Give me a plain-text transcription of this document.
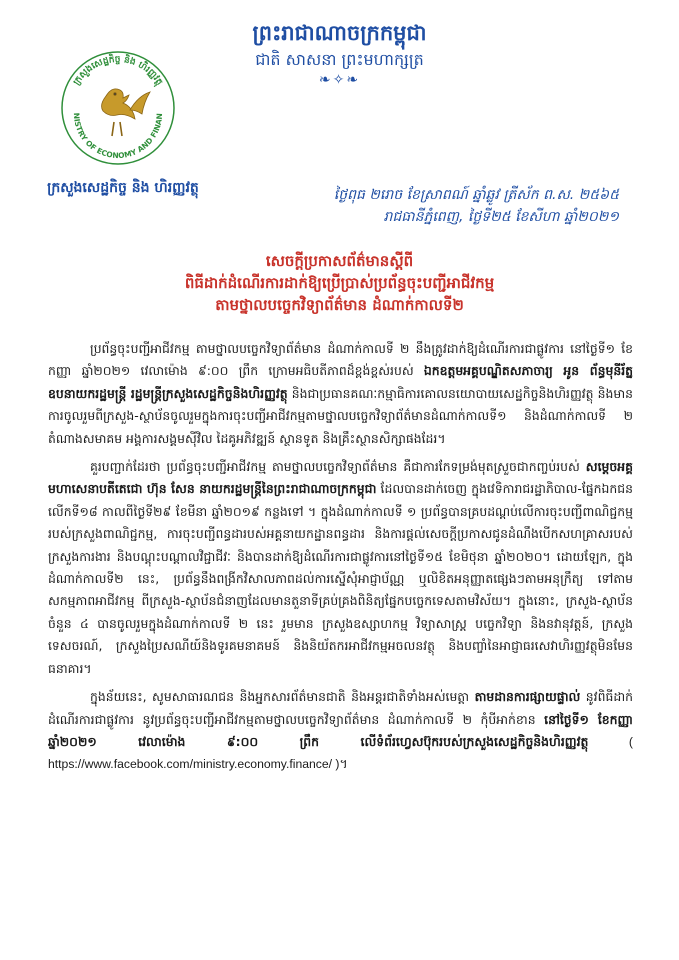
ព្រះរាជាណាចក្រកម្ពុជា
ជាតិ សាសនា ព្រះមហាក្សត្រ
❧✧❧
ក្រសួងសេដ្ឋកិច្ច និង ហិរញ្ញវត្ថុ
NISTRY OF ECONOMY AND FINAN
ក្រសួងសេដ្ឋកិច្ច និង ហិរញ្ញវត្ថុ	ថ្ងៃពុធ ២រោច ខែស្រាពណ៍ ឆ្នាំឆ្លូវ ត្រីស័ក ព.ស. ២៥៦៥
រាជធានីភ្នំពេញ, ថ្ងៃទី២៥ ខែសីហា ឆ្នាំ២០២១
សេចក្ដីប្រកាសព័ត៌មានស្តីពី
ពិធីដាក់ដំណើរការដាក់ឱ្យប្រើប្រាស់ប្រព័ន្ធចុះបញ្ជីអាជីវកម្ម
តាមថ្នាលបច្ចេកវិទ្យាព័ត៌មាន ដំណាក់កាលទី២

ប្រព័ន្ធចុះបញ្ជីអាជីវកម្ម តាមថ្នាលបច្ចេកវិទ្យាព័ត៌មាន ដំណាក់កាលទី ២ នឹងត្រូវដាក់ឱ្យដំណើរការជាផ្លូវការ នៅថ្ងៃទី១ ខែកញ្ញា ឆ្នាំ២០២១ វេលាម៉ោង ៩:០០ ព្រឹក ក្រោមអធិបតីភាពដ៏ខ្ពង់ខ្ពស់របស់ ឯកឧត្តមអគ្គបណ្ឌិតសភាចារ្យ អូន ព័ន្ធមុនីរ័ត្ន ឧបនាយករដ្ឋមន្ត្រី រដ្ឋមន្ត្រីក្រសួងសេដ្ឋកិច្ចនិងហិរញ្ញវត្ថុ និងជាប្រធានគណៈកម្មាធិការគោលនយោបាយសេដ្ឋកិច្ចនិងហិរញ្ញវត្ថុ និងមានការចូលរួមពីក្រសួង-ស្ថាប័នចូលរួមក្នុងការចុះបញ្ជីអាជីវកម្មតាមថ្នាលបច្ចេកវិទ្យាព័ត៌មានដំណាក់កាលទី១ និងដំណាក់កាលទី ២ តំណាងសមាគម អង្គការសង្គមស៊ីវិល ដៃគូអភិវឌ្ឍន៍ ស្ថានទូត និងគ្រឹះស្ថានសិក្សាផងដែរ។

គួរបញ្ជាក់ដែរថា ប្រព័ន្ធចុះបញ្ជីអាជីវកម្ម តាមថ្នាលបច្ចេកវិទ្យាព័ត៌មាន គឺជាការកែទម្រង់មុតស្រួចជាកញ្ចប់របស់ សម្តេចអគ្គមហាសេនាបតីតេជោ ហ៊ុន សែន នាយករដ្ឋមន្ត្រីនៃព្រះរាជាណាចក្រកម្ពុជា ដែលបានដាក់ចេញ ក្នុងវេទិការាជរដ្ឋាភិបាល-ផ្នែកឯកជន លើកទី១៨ កាលពីថ្ងៃទី២៩ ខែមីនា ឆ្នាំ២០១៩ កន្លងទៅ ។ ក្នុងដំណាក់កាលទី ១ ប្រព័ន្ធបានគ្របដណ្តប់លើការចុះបញ្ជីពាណិជ្ជកម្មរបស់ក្រសួងពាណិជ្ជកម្ម, ការចុះបញ្ជីពន្ធដារបស់អគ្គនាយកដ្ឋានពន្ធដារ និងការផ្តល់សេចក្តីប្រកាសជូនដំណឹងបើកសហគ្រាសរបស់ក្រសួងការងារ និងបណ្តុះបណ្តាលវិជ្ជាជីវៈ និងបានដាក់ឱ្យដំណើរការជាផ្លូវការនៅថ្ងៃទី១៥ ខែមិថុនា ឆ្នាំ២០២០។ ដោយឡែក, ក្នុងដំណាក់កាលទី២ នេះ, ប្រព័ន្ធនឹងពង្រីកវិសាលភាពដល់ការស្នើសុំអាជ្ញាប័ណ្ណ ឬលិខិតអនុញ្ញាតផ្សេងៗតាមអនុក្រឹត្យ ទៅតាមសកម្មភាពអាជីវកម្ម ពីក្រសួង-ស្ថាប័នជំនាញដែលមានតួនាទីគ្រប់គ្រងពិនិត្យផ្នែកបច្ចេកទេសតាមវិស័យ។ ក្នុងនោះ, ក្រសួង-ស្ថាប័នចំនួន ៤ បានចូលរួមក្នុងដំណាក់កាលទី ២ នេះ រួមមាន ក្រសួងឧស្សាហកម្ម វិទ្យាសាស្ត្រ បច្ចេកវិទ្យា និងនវានុវត្តន៍, ក្រសួងទេសចរណ៍, ក្រសួងប្រៃសណីយ៍និងទូរគមនាគមន៍ និងនិយ័តករអាជីវកម្មអចលនវត្ថុ និងបញ្ចាំនៃអាជ្ញាធរសេវាហិរញ្ញវត្ថុមិនមែនធនាគារ។

ក្នុងន័យនេះ, សូមសាធារណជន និងអ្នកសារព័ត៌មានជាតិ និងអន្តរជាតិទាំងអស់មេត្តា តាមដានការផ្សាយផ្ទាល់ នូវពិធីដាក់ដំណើរការជាផ្លូវការ នូវប្រព័ន្ធចុះបញ្ជីអាជីវកម្មតាមថ្នាលបច្ចេកវិទ្យាព័ត៌មាន ដំណាក់កាលទី ២ កុំបីអាក់ខាន នៅថ្ងៃទី១ ខែកញ្ញា ឆ្នាំ២០២១ វេលាម៉ោង ៩:០០ ព្រឹក លើទំព័រហ្វេសប៊ុករបស់ក្រសួងសេដ្ឋកិច្ចនិងហិរញ្ញវត្ថុ ( https://www.facebook.com/ministry.economy.finance/ )។
